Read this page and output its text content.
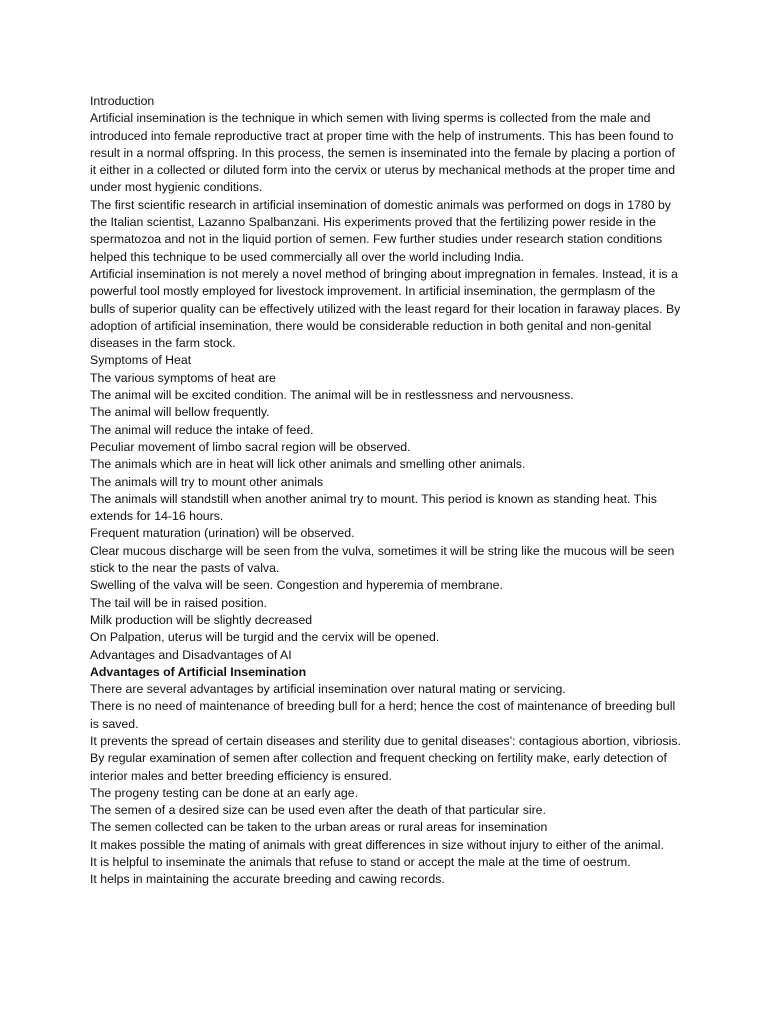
Introduction

Artificial insemination is the technique in which semen with living sperms is collected from the male and introduced into female reproductive tract at proper time with the help of instruments. This has been found to result in a normal offspring. In this process, the semen is inseminated into the female by placing a portion of it either in a collected or diluted form into the cervix or uterus by mechanical methods at the proper time and under most hygienic conditions.

The first scientific research in artificial insemination of domestic animals was performed on dogs in 1780 by the Italian scientist, Lazanno Spalbanzani. His experiments proved that the fertilizing power reside in the spermatozoa and not in the liquid portion of semen. Few further studies under research station conditions helped this technique to be used commercially all over the world including India.

Artificial insemination is not merely a novel method of bringing about impregnation in females. Instead, it is a powerful tool mostly employed for livestock improvement. In artificial insemination, the germplasm of the bulls of superior quality can be effectively utilized with the least regard for their location in faraway places. By adoption of artificial insemination, there would be considerable reduction in both genital and non-genital diseases in the farm stock.

Symptoms of Heat

The various symptoms of heat are

The animal will be excited condition. The animal will be in restlessness and nervousness.

The animal will bellow frequently.

The animal will reduce the intake of feed.

Peculiar movement of limbo sacral region will be observed.

The animals which are in heat will lick other animals and smelling other animals.

The animals will try to mount other animals

The animals will standstill when another animal try to mount. This period is known as standing heat. This extends for 14-16 hours.

Frequent maturation (urination) will be observed.

Clear mucous discharge will be seen from the vulva, sometimes it will be string like the mucous will be seen stick to the near the pasts of valva.

Swelling of the valva will be seen. Congestion and hyperemia of membrane.

The tail will be in raised position.

Milk production will be slightly decreased

On Palpation, uterus will be turgid and the cervix will be opened.

Advantages and Disadvantages of AI

Advantages of Artificial Insemination

There are several advantages by artificial insemination over natural mating or servicing.

There is no need of maintenance of breeding bull for a herd; hence the cost of maintenance of breeding bull is saved.

It prevents the spread of certain diseases and sterility due to genital diseases': contagious abortion, vibriosis.

By regular examination of semen after collection and frequent checking on fertility make, early detection of interior males and better breeding efficiency is ensured.

The progeny testing can be done at an early age.

The semen of a desired size can be used even after the death of that particular sire.

The semen collected can be taken to the urban areas or rural areas for insemination

It makes possible the mating of animals with great differences in size without injury to either of the animal.

It is helpful to inseminate the animals that refuse to stand or accept the male at the time of oestrum.

It helps in maintaining the accurate breeding and cawing records.
